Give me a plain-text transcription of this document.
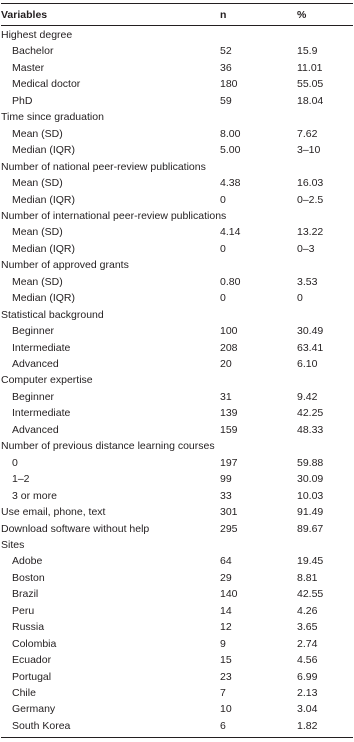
Variables	n	%
Highest degree
Bachelor	52	15.9
Master	36	11.01
Medical doctor	180	55.05
PhD	59	18.04
Time since graduation
Mean (SD)	8.00	7.62
Median (IQR)	5.00	3–10
Number of national peer-review publications
Mean (SD)	4.38	16.03
Median (IQR)	0	0–2.5
Number of international peer-review publications
Mean (SD)	4.14	13.22
Median (IQR)	0	0–3
Number of approved grants
Mean (SD)	0.80	3.53
Median (IQR)	0	0
Statistical background
Beginner	100	30.49
Intermediate	208	63.41
Advanced	20	6.10
Computer expertise
Beginner	31	9.42
Intermediate	139	42.25
Advanced	159	48.33
Number of previous distance learning courses
0	197	59.88
1–2	99	30.09
3 or more	33	10.03
Use email, phone, text	301	91.49
Download software without help	295	89.67
Sites
Adobe	64	19.45
Boston	29	8.81
Brazil	140	42.55
Peru	14	4.26
Russia	12	3.65
Colombia	9	2.74
Ecuador	15	4.56
Portugal	23	6.99
Chile	7	2.13
Germany	10	3.04
South Korea	6	1.82
